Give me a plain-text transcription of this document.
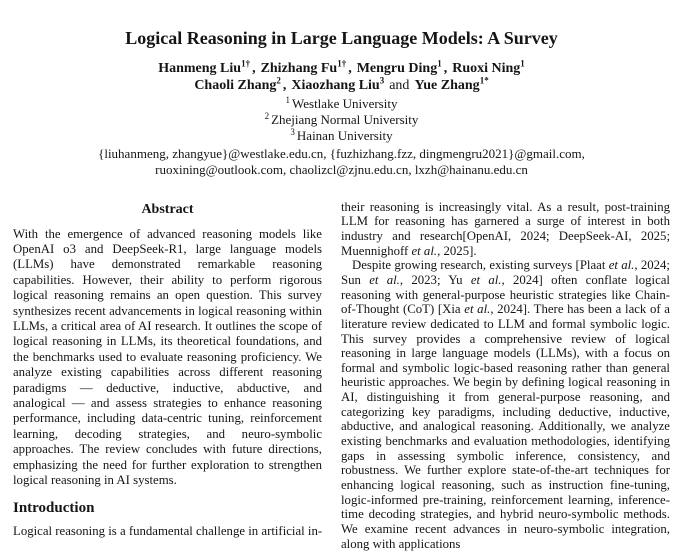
Logical Reasoning in Large Language Models: A Survey
Hanmeng Liu$^{1\dagger}$ , Zhizhang $Fu^{1\dagger}$ , Mengru Ding$^1$ , Ruoxi Ning$^1$
Chaoli Zhang$^2$ , Xiaozhang Liu$^3$ and Yue Zhang$^{1*}$
$^1$ Westlake University
$^2$ Zhejiang Normal University
$^3$ Hainan University
{liuhanmeng, zhangyue}@westlake.edu.cn, {fuzhizhang.fzz, dingmengru2021}@gmail.com,
ruoxining@outlook.com, chaolizcl@zjnu.edu.cn, lxzh@hainanu.edu.cn
Abstract

With the emergence of advanced reasoning models like OpenAI o3 and DeepSeek-R1, large language models (LLMs) have demonstrated remarkable reasoning capabilities. However, their ability to perform rigorous logical reasoning remains an open question. This survey synthesizes recent advancements in logical reasoning within LLMs, a critical area of AI research. It outlines the scope of logical reasoning in LLMs, its theoretical foundations, and the benchmarks used to evaluate reasoning proficiency. We analyze existing capabilities across different reasoning paradigms — deductive, inductive, abductive, and analogical — and assess strategies to enhance reasoning performance, including data-centric tuning, reinforcement learning, decoding strategies, and neuro-symbolic approaches. The review concludes with future directions, emphasizing the need for further exploration to strengthen logical reasoning in AI systems.

Introduction

Logical reasoning is a fundamental challenge in artificial in-

their reasoning is increasingly vital. As a result, post-training LLM for reasoning has garnered a surge of interest in both industry and research[OpenAI, 2024; DeepSeek-AI, 2025; Muennighoff et al., 2025].

Despite growing research, existing surveys [Plaat et al., 2024; Sun et al., 2023; Yu et al., 2024] often conflate logical reasoning with general-purpose heuristic strategies like Chain-of-Thought (CoT) [Xia et al., 2024]. There has been a lack of a literature review dedicated to LLM and formal symbolic logic. This survey provides a comprehensive review of logical reasoning in large language models (LLMs), with a focus on formal and symbolic logic-based reasoning rather than general heuristic approaches. We begin by defining logical reasoning in AI, distinguishing it from general-purpose reasoning, and categorizing key paradigms, including deductive, inductive, abductive, and analogical reasoning. Additionally, we analyze existing benchmarks and evaluation methodologies, identifying gaps in assessing symbolic inference, consistency, and robustness. We further explore state-of-the-art techniques for enhancing logical reasoning, such as instruction fine-tuning, logic-informed pre-training, reinforcement learning, inference-time decoding strategies, and hybrid neuro-symbolic methods. We examine recent advances in neuro-symbolic integration, along with applications
